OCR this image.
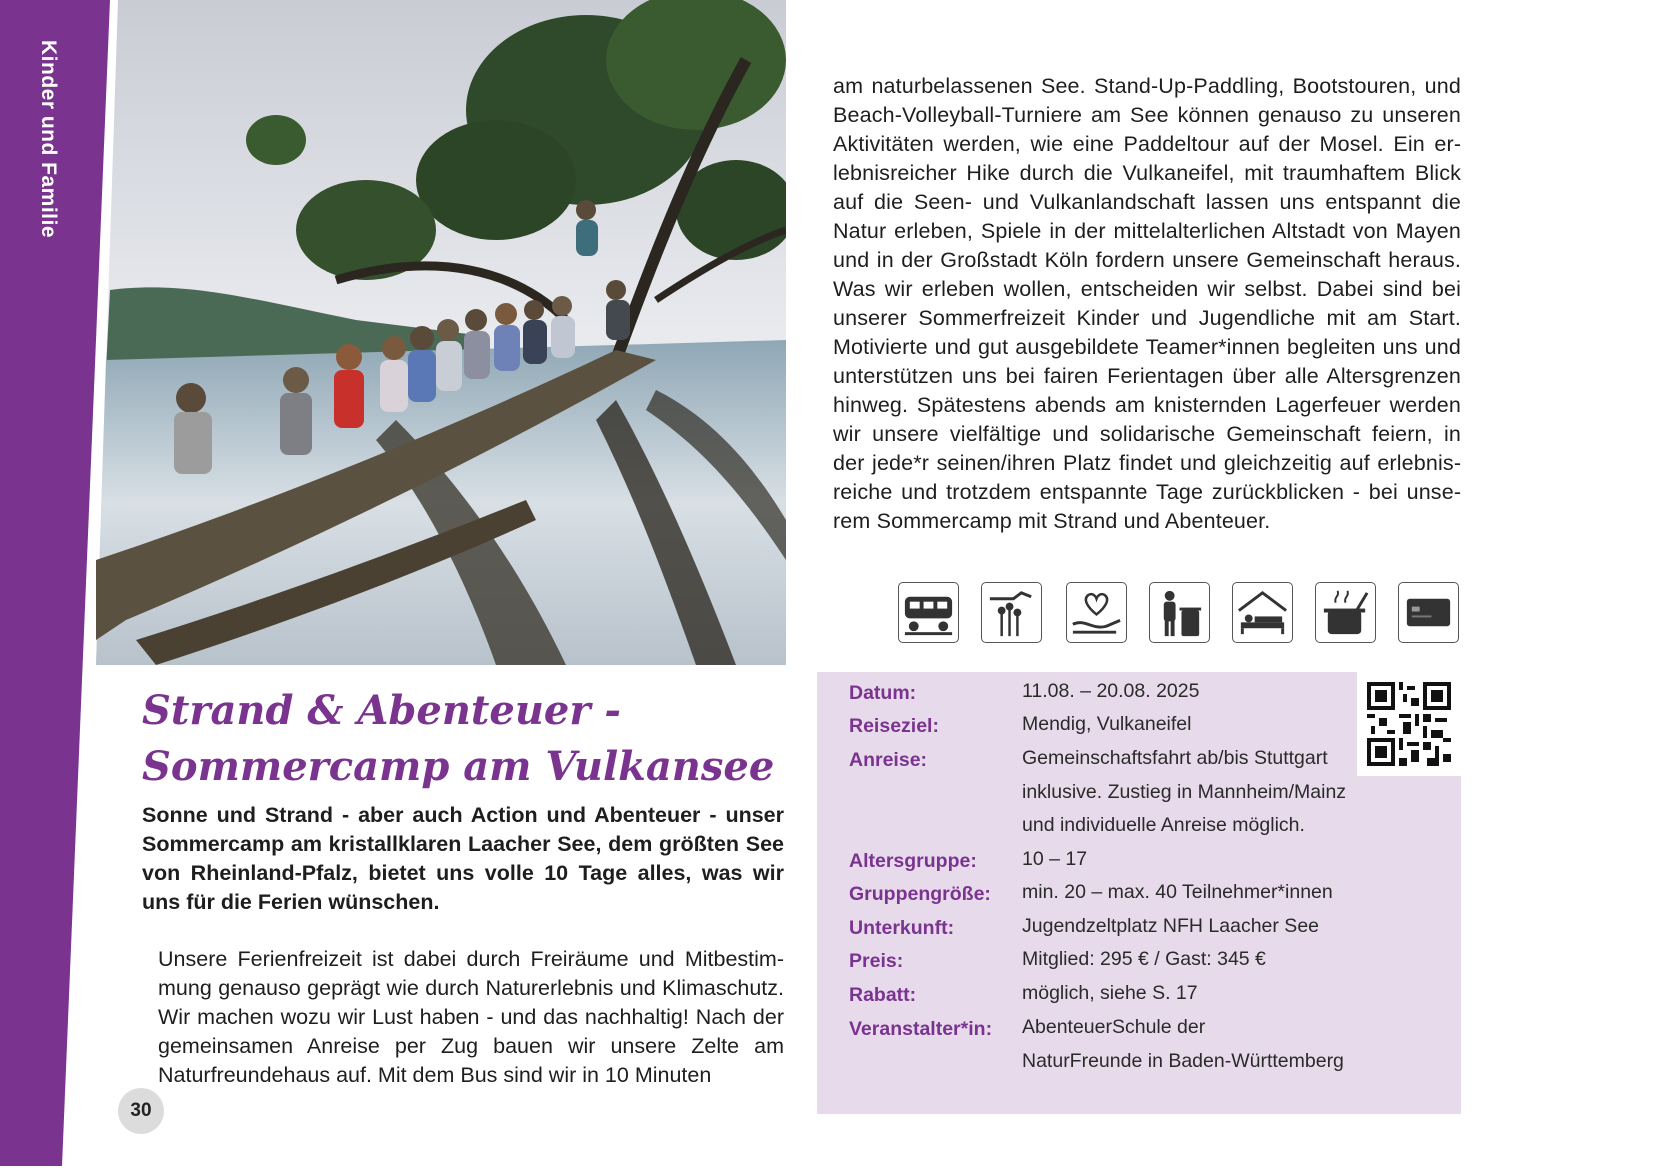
Kinder und Familie	am naturbelassenen See. Stand-Up-Paddling, Bootstouren, und Beach-Volleyball-Turniere am See können genauso zu unseren Aktivitäten werden, wie eine Paddeltour auf der Mosel. Ein erlebnisreicher Hike durch die Vulkaneifel, mit traumhaftem Blick auf die Seen- und Vulkanlandschaft lassen uns entspannt die Natur erleben, Spiele in der mittelalterlichen Altstadt von Mayen und in der Großstadt Köln fordern unsere Gemeinschaft heraus. Was wir erleben wollen, entscheiden wir selbst. Dabei sind bei unserer Sommerfreizeit Kinder und Jugendliche mit am Start. Motivierte und gut ausgebildete Teamer*innen begleiten uns und unterstützen uns bei fairen Ferientagen über alle Altersgrenzen hinweg. Spätestens abends am knisternden Lagerfeuer werden wir unsere vielfältige und solidarische Gemeinschaft feiern, in der jede*r seinen/ihren Platz findet und gleichzeitig auf erlebnisreiche und trotzdem entspannte Tage zurückblicken - bei unserem Sommercamp mit Strand und Abenteuer.
Strand & Abenteuer -
Sommercamp am Vulkansee
Sonne und Strand - aber auch Action und Abenteuer - unser Sommercamp am kristallklaren Laacher See, dem größten See von Rheinland-Pfalz, bietet uns volle 10 Tage alles, was wir uns für die Ferien wünschen.
Unsere Ferienfreizeit ist dabei durch Freiräume und Mitbestimmung genauso geprägt wie durch Naturerlebnis und Klimaschutz. Wir machen wozu wir Lust haben - und das nachhaltig! Nach der gemeinsamen Anreise per Zug bauen wir unsere Zelte am Naturfreundehaus auf. Mit dem Bus sind wir in 10 Minuten
30
Datum:	11.08. – 20.08. 2025
Reiseziel:	Mendig, Vulkaneifel
Anreise:	Gemeinschaftsfahrt ab/bis Stuttgart
inklusive. Zustieg in Mannheim/Mainz
und individuelle Anreise möglich.
Altersgruppe:	10 – 17
Gruppengröße:	min. 20 – max. 40 Teilnehmer*innen
Unterkunft:	Jugendzeltplatz NFH Laacher See
Preis:	Mitglied: 295 € / Gast: 345 €
Rabatt:	möglich, siehe S. 17
Veranstalter*in:	AbenteuerSchule der
NaturFreunde in Baden-Württemberg
